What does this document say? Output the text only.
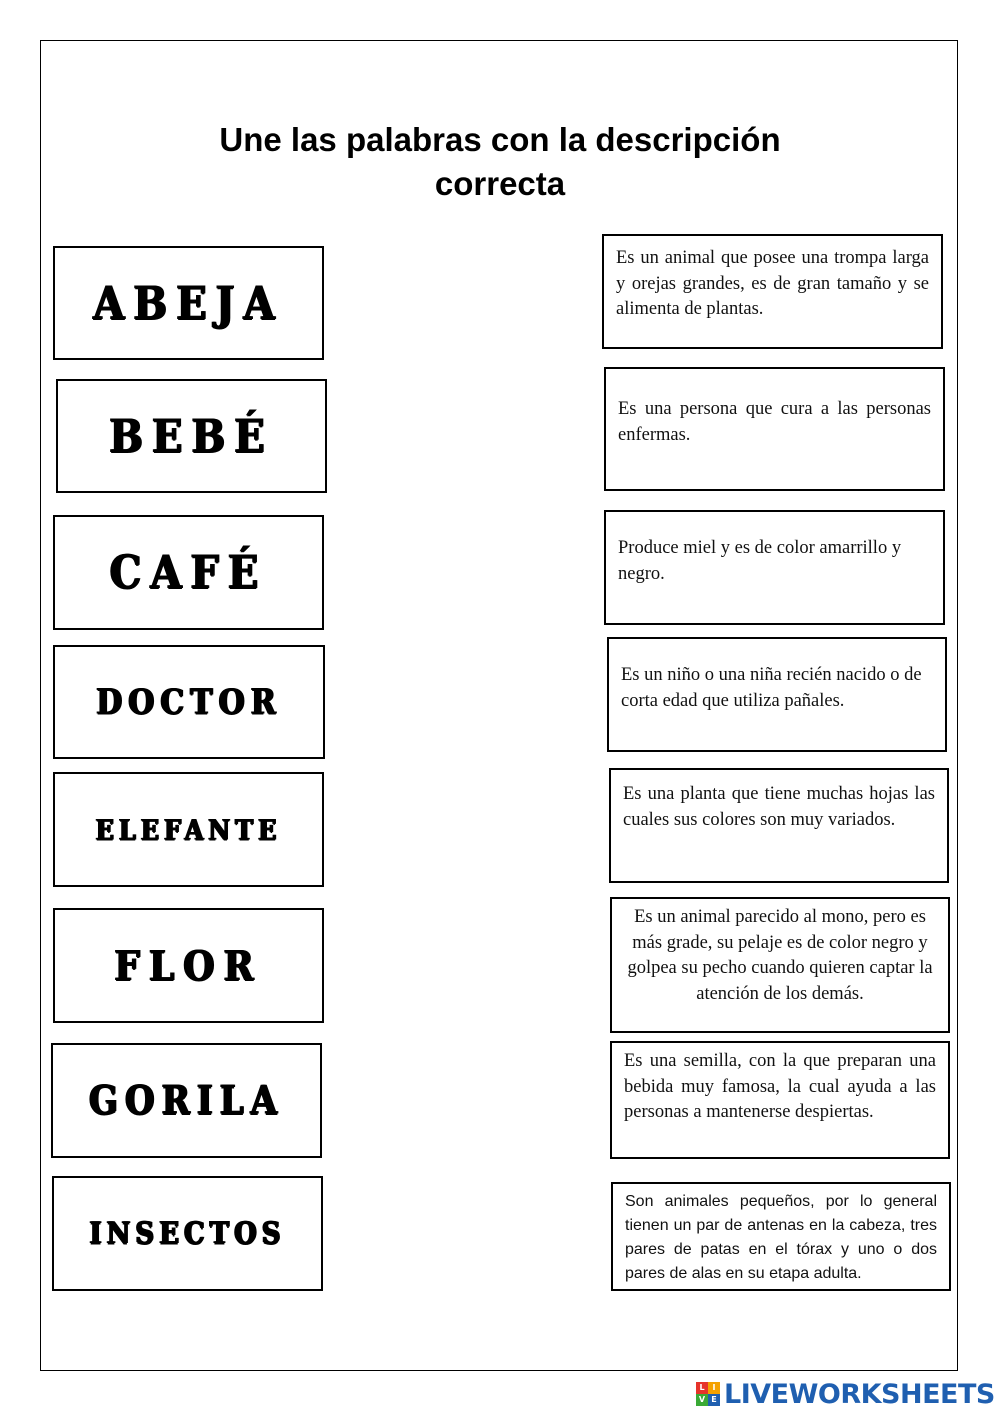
Une las palabras con la descripción correcta
ABEJA
BEBÉ
CAFÉ
DOCTOR
ELEFANTE
FLOR
GORILA
INSECTOS
Es un animal que posee una trompa larga y orejas grandes, es de gran tamaño y se alimenta de plantas.
Es una persona que cura a las personas enfermas.
Produce miel y es de color amarrillo y negro.
Es un niño o una niña recién nacido o de corta edad que utiliza pañales.
Es una planta que tiene muchas hojas las cuales sus colores son muy variados.
Es un animal parecido al mono, pero es más grade, su pelaje es de color negro y golpea su pecho cuando quieren captar la atención de los demás.
Es una semilla, con la que preparan una bebida muy famosa, la cual ayuda a las personas a mantenerse despiertas.
Son animales pequeños, por lo general tienen un par de antenas en la cabeza, tres pares de patas en el tórax y uno o dos pares de alas en su etapa adulta.
L I
V E LIVEWORKSHEETS
